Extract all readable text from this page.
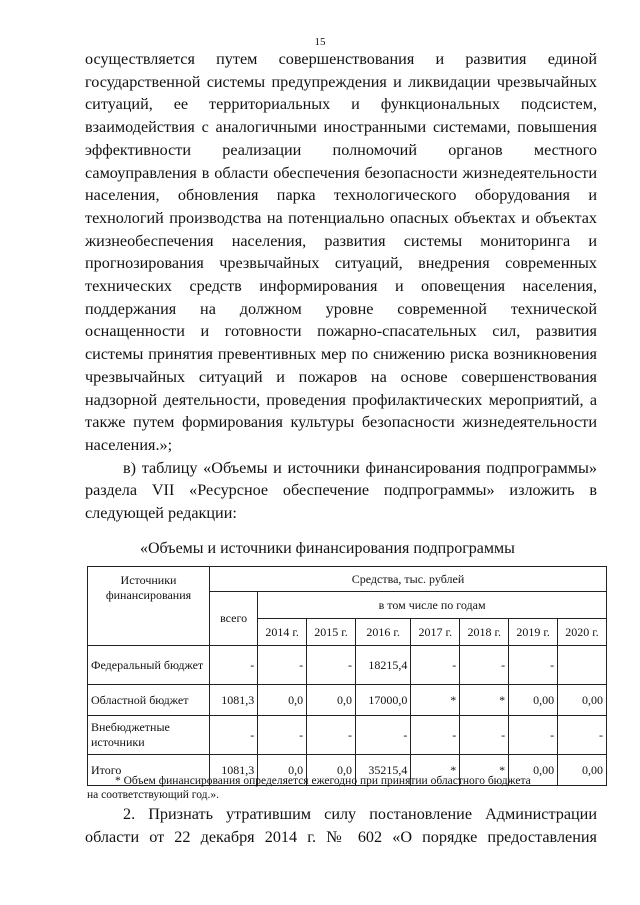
15

осуществляется путем совершенствования и развития единой

государственной системы предупреждения и ликвидации чрезвычайных

ситуаций, ее территориальных и функциональных подсистем,

взаимодействия с аналогичными иностранными системами, повышения

эффективности реализации полномочий органов местного

самоуправления в области обеспечения безопасности жизнедеятельности

населения, обновления парка технологического оборудования и

технологий производства на потенциально опасных объектах и объектах

жизнеобеспечения населения, развития системы мониторинга и

прогнозирования чрезвычайных ситуаций, внедрения современных

технических средств информирования и оповещения населения,

поддержания на должном уровне современной технической

оснащенности и готовности пожарно-спасательных сил, развития

системы принятия превентивных мер по снижению риска возникновения

чрезвычайных ситуаций и пожаров на основе совершенствования

надзорной деятельности, проведения профилактических мероприятий, а

также путем формирования культуры безопасности жизнедеятельности

населения.»;

в) таблицу «Объемы и источники финансирования подпрограммы»

раздела VII «Ресурсное обеспечение подпрограммы» изложить в

следующей редакции:

«Объемы и источники финансирования подпрограммы
Источники финансирования	Средства, тыс. рублей							
	всего	в том числе по годам						
		2014 г.	2015 г.	2016 г.	2017 г.	2018 г.	2019 г.	2020 г.
Федеральный бюджет	-	-	-	18215,4	-	-	-	
Областной бюджет	1081,3	0,0	0,0	17000,0	*	*	0,00	0,00
Внебюджетные источники	-	-	-	-	-	-	-	-
Итого	1081,3	0,0	0,0	35215,4	*	*	0,00	0,00

* Объем финансирования определяется ежегодно при принятии областного бюджета

на соответствующий год.».

2. Признать утратившим силу постановление Администрации

области от 22 декабря 2014 г. № 602 «О порядке предоставления
